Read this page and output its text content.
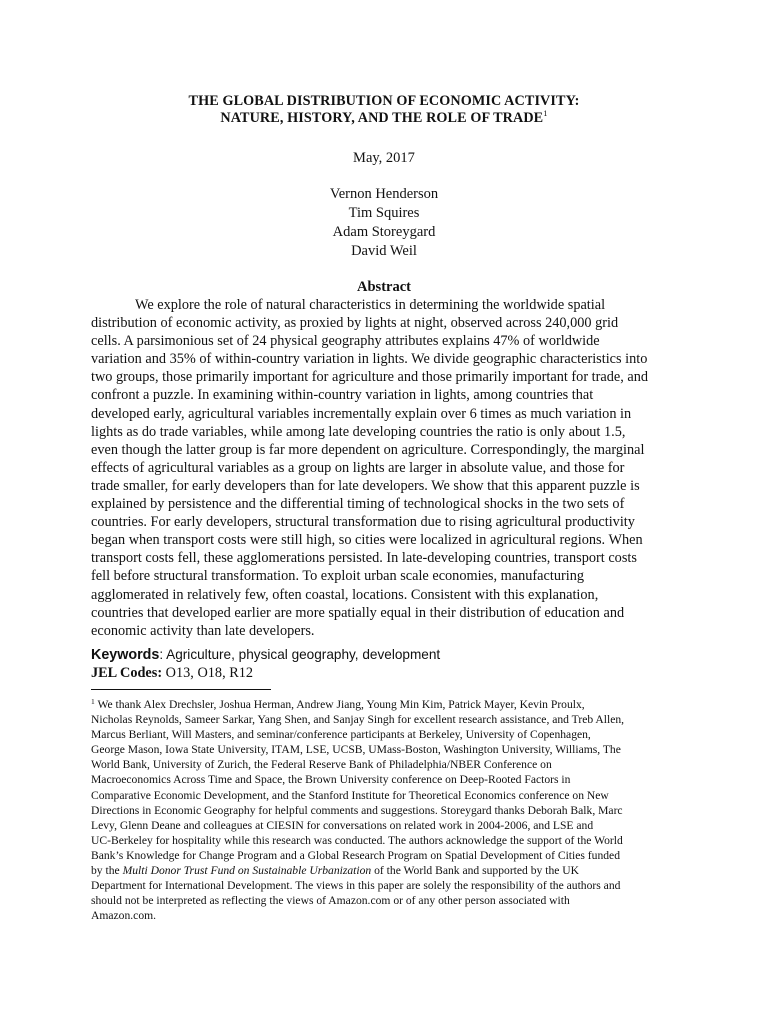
THE GLOBAL DISTRIBUTION OF ECONOMIC ACTIVITY:
NATURE, HISTORY, AND THE ROLE OF TRADE$^1$
May, 2017
Vernon Henderson
Tim Squires
Adam Storeygard
David Weil
Abstract
We explore the role of natural characteristics in determining the worldwide spatial
distribution of economic activity, as proxied by lights at night, observed across 240,000 grid
cells. A parsimonious set of 24 physical geography attributes explains 47% of worldwide
variation and 35% of within-country variation in lights. We divide geographic characteristics into
two groups, those primarily important for agriculture and those primarily important for trade, and
confront a puzzle. In examining within-country variation in lights, among countries that
developed early, agricultural variables incrementally explain over 6 times as much variation in
lights as do trade variables, while among late developing countries the ratio is only about 1.5,
even though the latter group is far more dependent on agriculture. Correspondingly, the marginal
effects of agricultural variables as a group on lights are larger in absolute value, and those for
trade smaller, for early developers than for late developers. We show that this apparent puzzle is
explained by persistence and the differential timing of technological shocks in the two sets of
countries. For early developers, structural transformation due to rising agricultural productivity
began when transport costs were still high, so cities were localized in agricultural regions. When
transport costs fell, these agglomerations persisted. In late-developing countries, transport costs
fell before structural transformation. To exploit urban scale economies, manufacturing
agglomerated in relatively few, often coastal, locations. Consistent with this explanation,
countries that developed earlier are more spatially equal in their distribution of education and
economic activity than late developers.
Keywords: Agriculture, physical geography, development
JEL Codes: O13, O18, R12
$^1$ We thank Alex Drechsler, Joshua Herman, Andrew Jiang, Young Min Kim, Patrick Mayer, Kevin Proulx,
Nicholas Reynolds, Sameer Sarkar, Yang Shen, and Sanjay Singh for excellent research assistance, and Treb Allen,
Marcus Berliant, Will Masters, and seminar/conference participants at Berkeley, University of Copenhagen,
George Mason, Iowa State University, ITAM, LSE, UCSB, UMass-Boston, Washington University, Williams, The
World Bank, University of Zurich, the Federal Reserve Bank of Philadelphia/NBER Conference on
Macroeconomics Across Time and Space, the Brown University conference on Deep-Rooted Factors in
Comparative Economic Development, and the Stanford Institute for Theoretical Economics conference on New
Directions in Economic Geography for helpful comments and suggestions. Storeygard thanks Deborah Balk, Marc
Levy, Glenn Deane and colleagues at CIESIN for conversations on related work in 2004-2006, and LSE and
UC-Berkeley for hospitality while this research was conducted. The authors acknowledge the support of the World
Bank’s Knowledge for Change Program and a Global Research Program on Spatial Development of Cities funded
by the Multi Donor Trust Fund on Sustainable Urbanization of the World Bank and supported by the UK
Department for International Development. The views in this paper are solely the responsibility of the authors and
should not be interpreted as reflecting the views of Amazon.com or of any other person associated with
Amazon.com.
